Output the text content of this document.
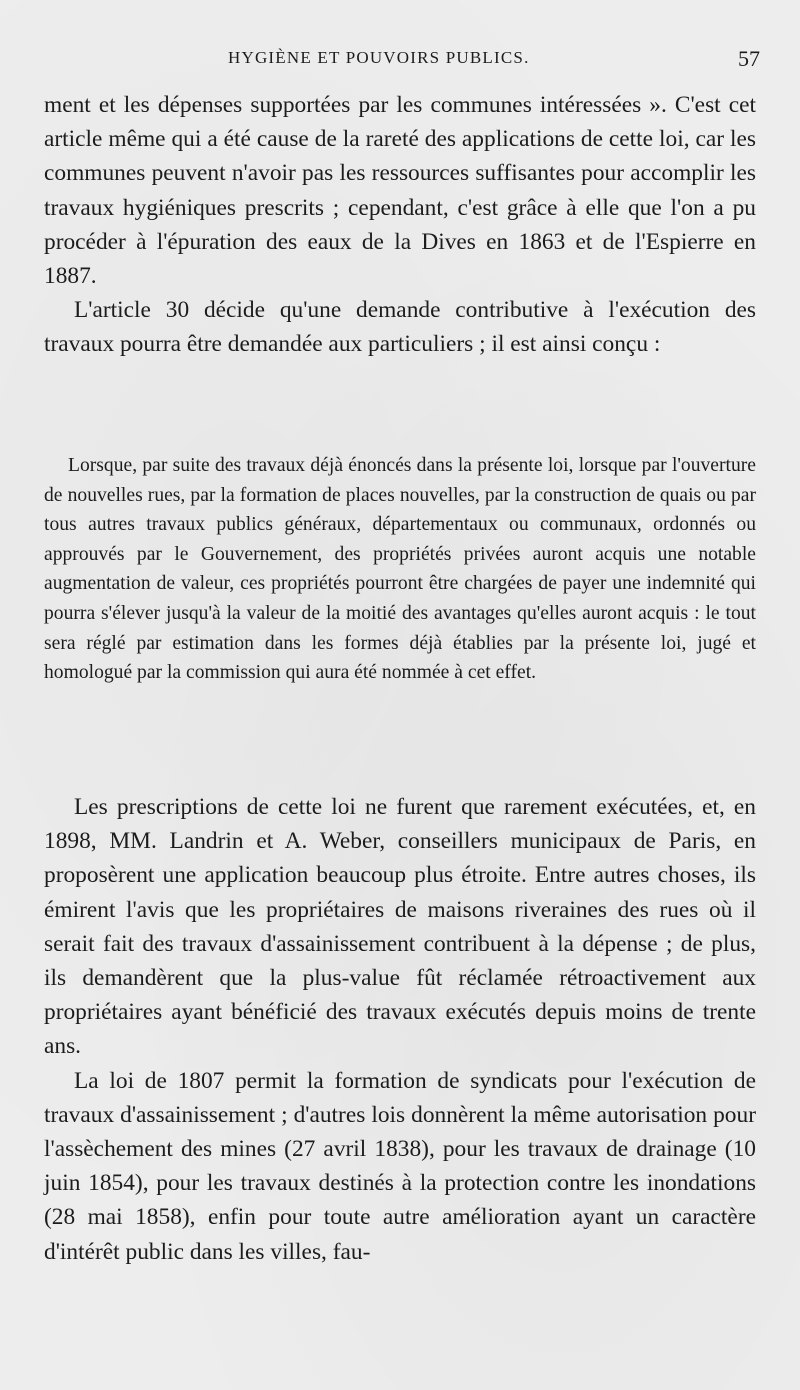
HYGIÈNE ET POUVOIRS PUBLICS.	57

ment et les dépenses supportées par les communes intéressées ». C'est cet article même qui a été cause de la rareté des applications de cette loi, car les communes peuvent n'avoir pas les ressources suffisantes pour accomplir les travaux hygiéniques prescrits ; cependant, c'est grâce à elle que l'on a pu procéder à l'épuration des eaux de la Dives en 1863 et de l'Espierre en 1887.

L'article 30 décide qu'une demande contributive à l'exécution des travaux pourra être demandée aux particuliers ; il est ainsi conçu :

Lorsque, par suite des travaux déjà énoncés dans la présente loi, lorsque par l'ouverture de nouvelles rues, par la formation de places nouvelles, par la construction de quais ou par tous autres travaux publics généraux, départementaux ou communaux, ordonnés ou approuvés par le Gouvernement, des propriétés privées auront acquis une notable augmentation de valeur, ces propriétés pourront être chargées de payer une indemnité qui pourra s'élever jusqu'à la valeur de la moitié des avantages qu'elles auront acquis : le tout sera réglé par estimation dans les formes déjà établies par la présente loi, jugé et homologué par la commission qui aura été nommée à cet effet.

Les prescriptions de cette loi ne furent que rarement exécutées, et, en 1898, MM. Landrin et A. Weber, conseillers municipaux de Paris, en proposèrent une application beaucoup plus étroite. Entre autres choses, ils émirent l'avis que les propriétaires de maisons riveraines des rues où il serait fait des travaux d'assainissement contribuent à la dépense ; de plus, ils demandèrent que la plus-value fût réclamée rétroactivement aux propriétaires ayant bénéficié des travaux exécutés depuis moins de trente ans.

La loi de 1807 permit la formation de syndicats pour l'exécution de travaux d'assainissement ; d'autres lois donnèrent la même autorisation pour l'assèchement des mines (27 avril 1838), pour les travaux de drainage (10 juin 1854), pour les travaux destinés à la protection contre les inondations (28 mai 1858), enfin pour toute autre amélioration ayant un caractère d'intérêt public dans les villes, fau-
